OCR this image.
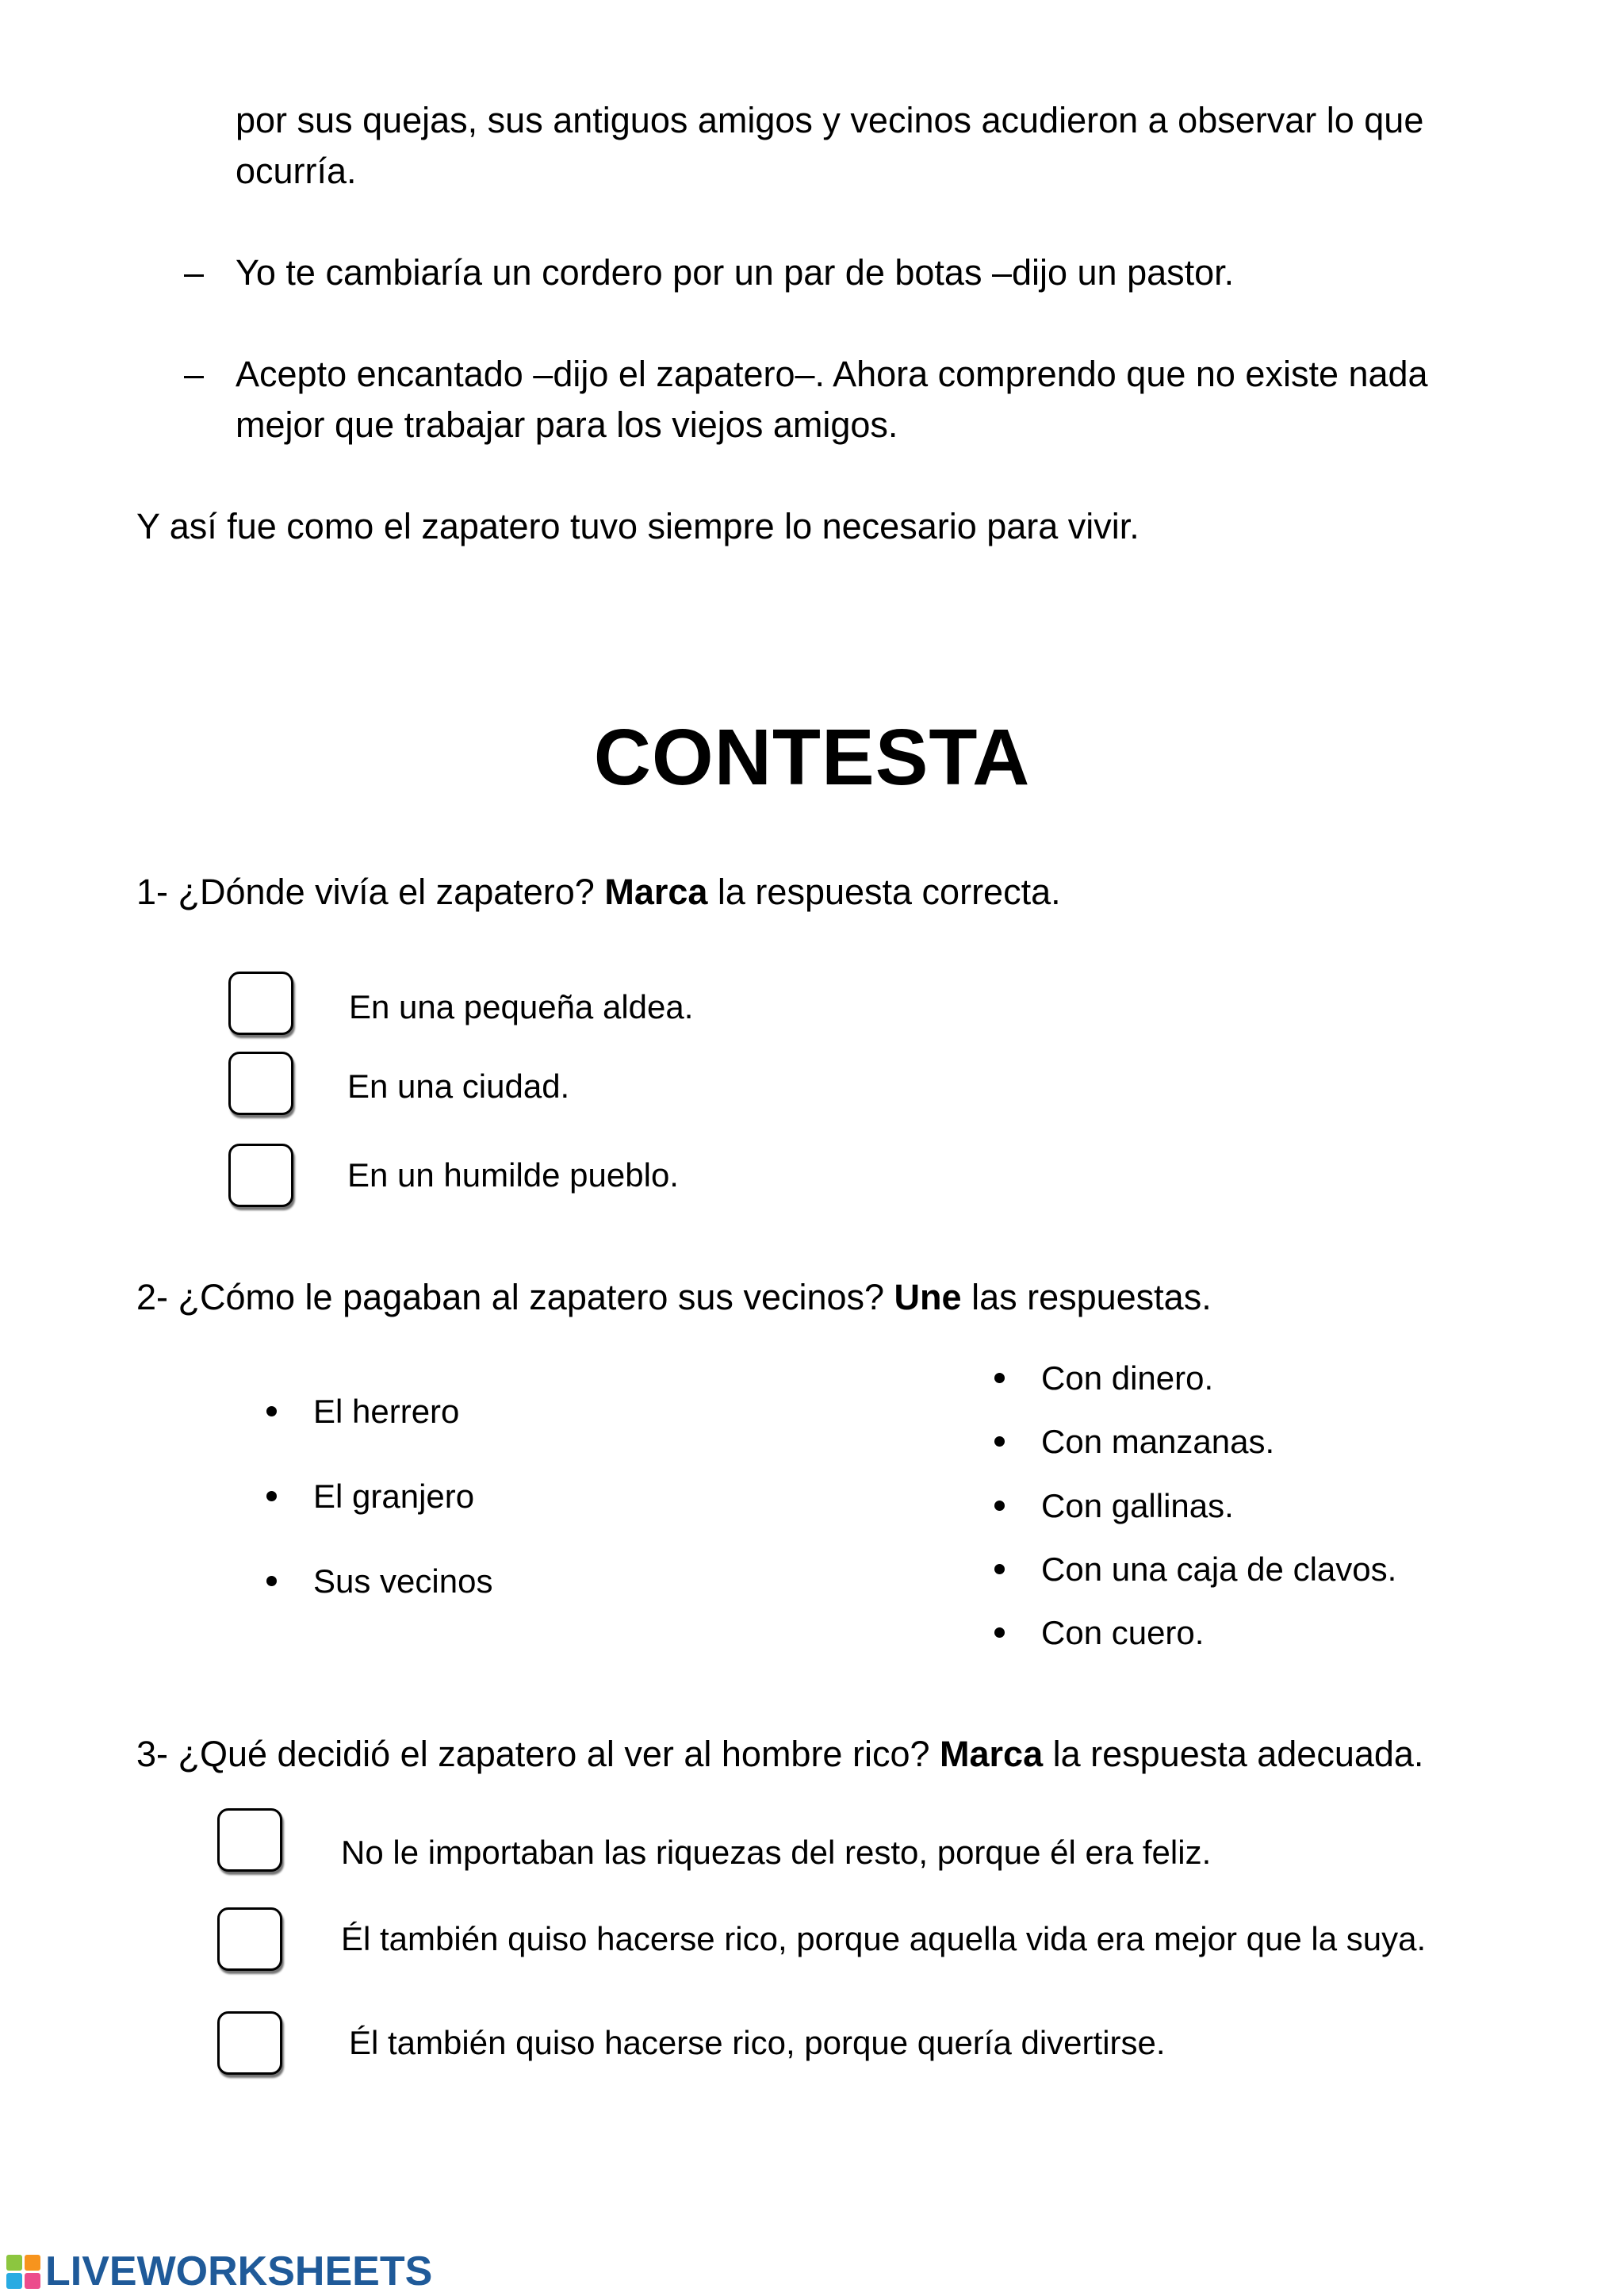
por sus quejas, sus antiguos amigos y vecinos acudieron a observar lo que
ocurría.
– Yo te cambiaría un cordero por un par de botas –dijo un pastor.
– Acepto encantado –dijo el zapatero–. Ahora comprendo que no existe nada
mejor que trabajar para los viejos amigos.
Y así fue como el zapatero tuvo siempre lo necesario para vivir.
CONTESTA
1- ¿Dónde vivía el zapatero? Marca la respuesta correcta.
En una pequeña aldea.
En una ciudad.
En un humilde pueblo.
2- ¿Cómo le pagaban al zapatero sus vecinos? Une las respuestas.
El herrero
El granjero
Sus vecinos
Con dinero.
Con manzanas.
Con gallinas.
Con una caja de clavos.
Con cuero.
3- ¿Qué decidió el zapatero al ver al hombre rico? Marca la respuesta adecuada.
No le importaban las riquezas del resto, porque él era feliz.
Él también quiso hacerse rico, porque aquella vida era mejor que la suya.
Él también quiso hacerse rico, porque quería divertirse.
LIVEWORKSHEETS
